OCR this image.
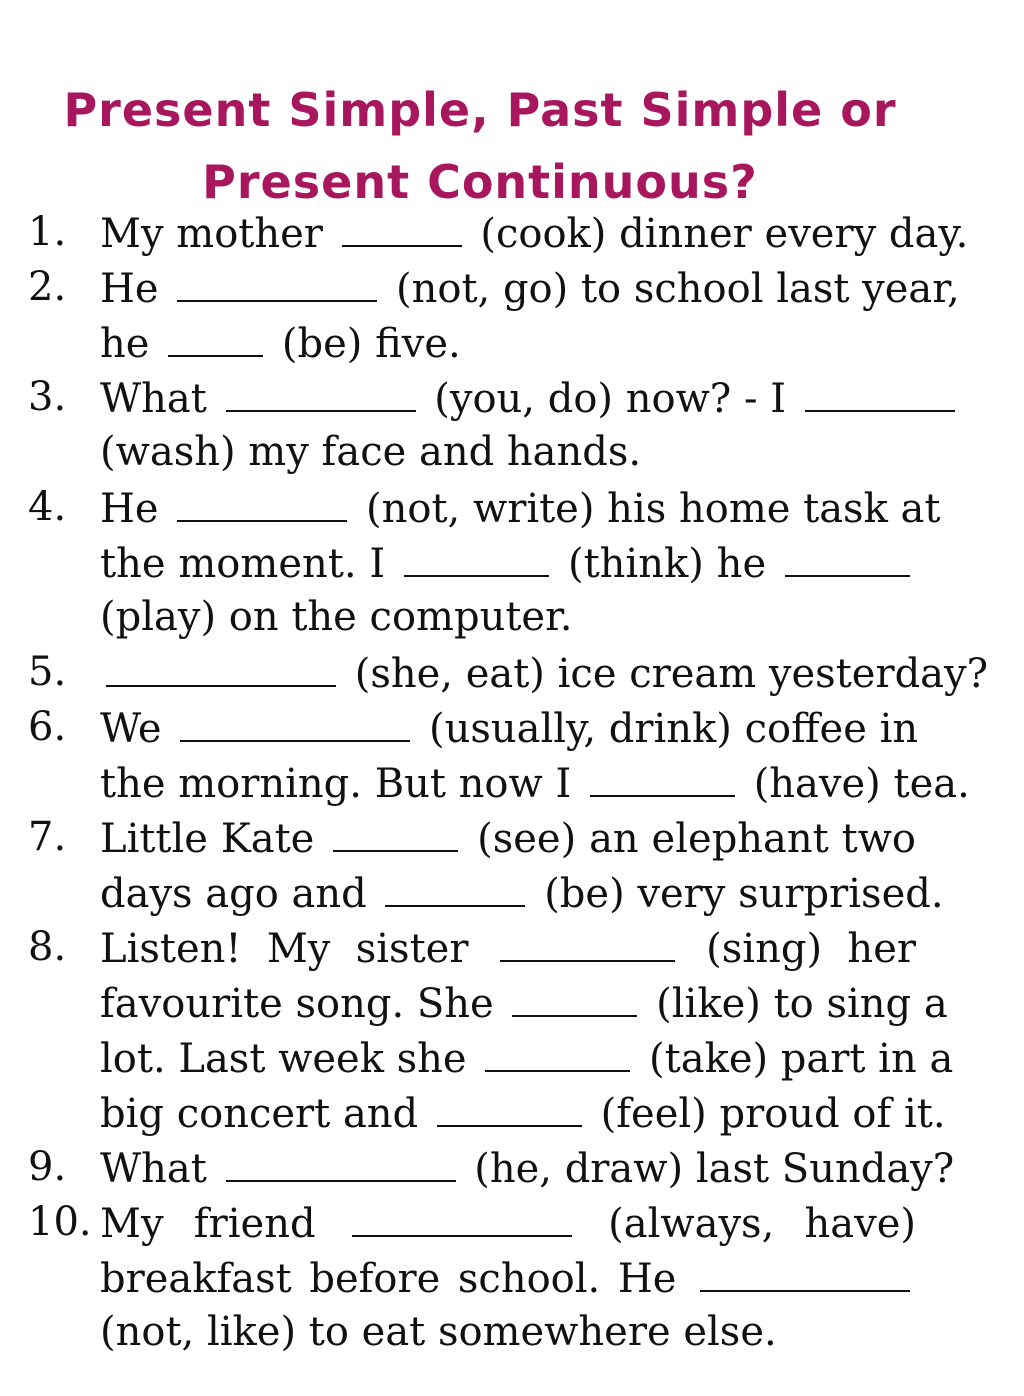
Present Simple, Past Simple or
Present Continuous?
1. My mother	(cook) dinner every day.
2. He	(not, go) to school last year,
he	(be) five.
3. What	(you, do) now? - I
(wash) my face and hands.
4. He	(not, write) his home task at
the moment. I	(think) he
(play) on the computer.
5.	(she, eat) ice cream yesterday?
6. We	(usually, drink) coffee in
the morning. But now I	(have) tea.
7. Little Kate	(see) an elephant two
days ago and	(be) very surprised.
8. Listen! My sister	(sing) her
favourite song. She	(like) to sing a
lot. Last week she	(take) part in a
big concert and	(feel) proud of it.
9. What	(he, draw) last Sunday?
10. My friend	(always, have)
breakfast before school. He
(not, like) to eat somewhere else.
